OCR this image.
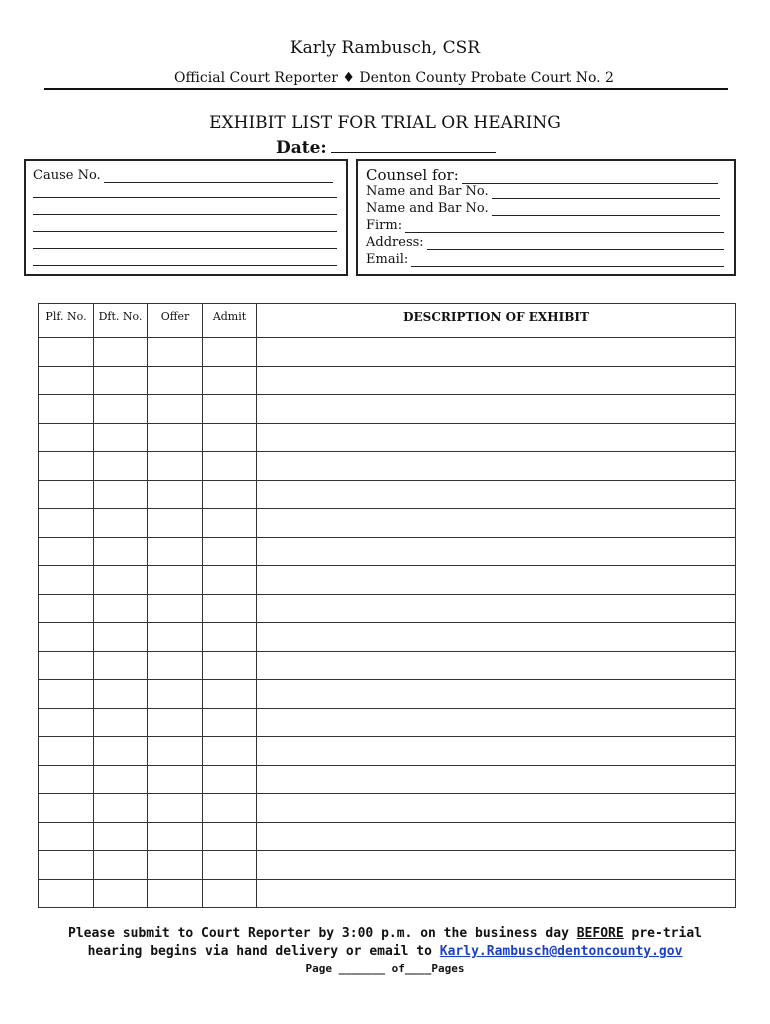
Karly Rambusch, CSR
Official Court Reporter ♦ Denton County Probate Court No. 2
EXHIBIT LIST FOR TRIAL OR HEARING
Date:
Cause No.	Counsel for:
Name and Bar No.
Name and Bar No.
Firm:
Address:
Email:
Plf. No.	Dft. No.	Offer	Admit	DESCRIPTION OF EXHIBIT

Please submit to Court Reporter by 3:00 p.m. on the business day BEFORE pre-trial
hearing begins via hand delivery or email to Karly.Rambusch@dentoncounty.gov
Page _______ of____Pages
